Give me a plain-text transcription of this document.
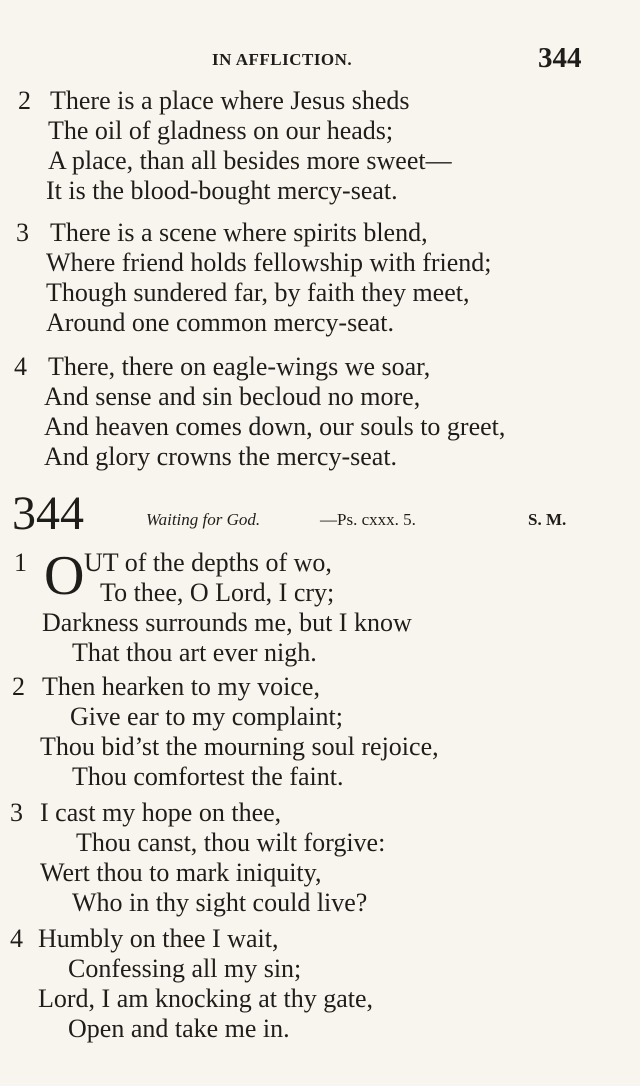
IN AFFLICTION.	344
2 There is a place where Jesus sheds
The oil of gladness on our heads;
A place, than all besides more sweet—
It is the blood-bought mercy-seat.
3 There is a scene where spirits blend,
Where friend holds fellowship with friend;
Though sundered far, by faith they meet,
Around one common mercy-seat.
4 There, there on eagle-wings we soar,
And sense and sin becloud no more,
And heaven comes down, our souls to greet,
And glory crowns the mercy-seat.
344	Waiting for God.	—Ps. cxxx. 5.	S. M.
O
1 UT of the depths of wo,
To thee, O Lord, I cry;
Darkness surrounds me, but I know
That thou art ever nigh.
2 Then hearken to my voice,
Give ear to my complaint;
Thou bid’st the mourning soul rejoice,
Thou comfortest the faint.
3 I cast my hope on thee,
Thou canst, thou wilt forgive:
Wert thou to mark iniquity,
Who in thy sight could live?
4 Humbly on thee I wait,
Confessing all my sin;
Lord, I am knocking at thy gate,
Open and take me in.
